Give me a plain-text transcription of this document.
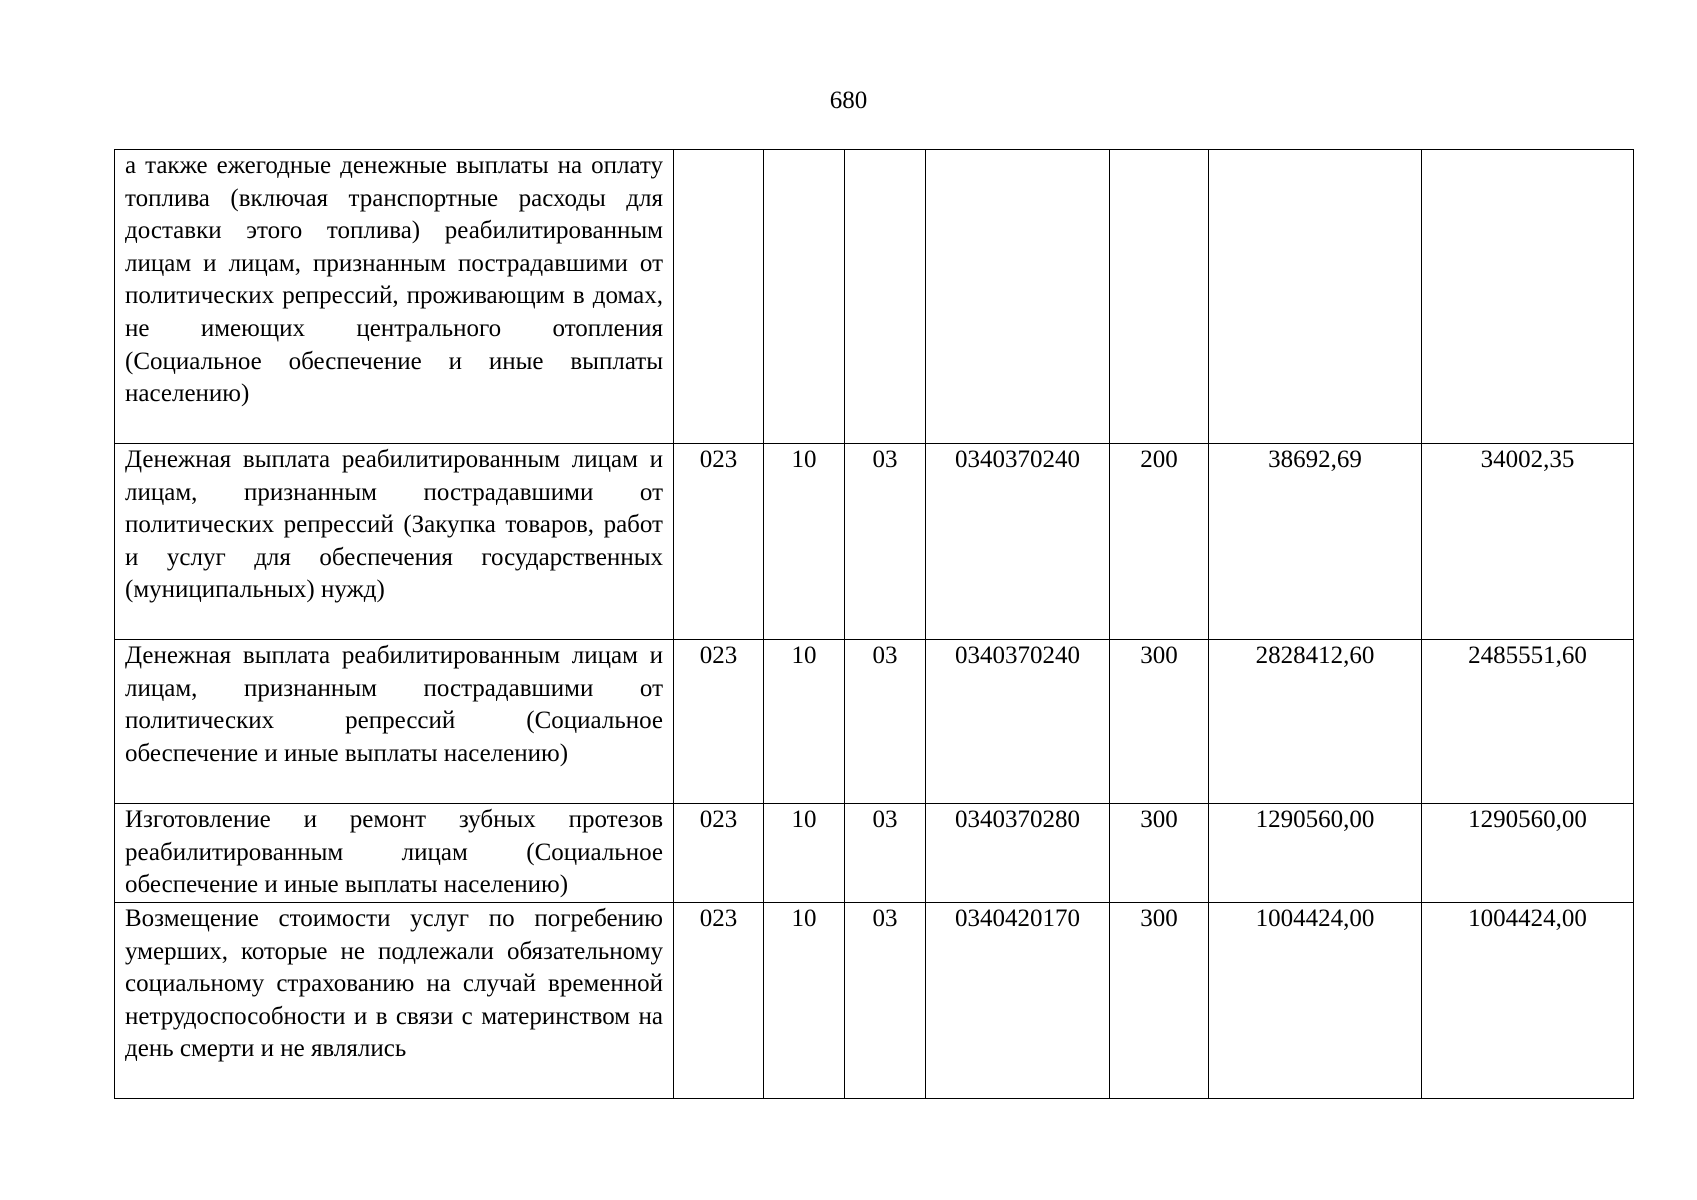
680
а также ежегодные денежные выплаты на оплату топлива (включая транспортные расходы для доставки этого топлива) реабилитированным лицам и лицам, признанным пострадавшими от политических репрессий, проживающим в домах, не имеющих центрального отопления (Социальное обеспечение и иные выплаты населению)							

Денежная выплата реабилитированным лицам и лицам, признанным пострадавшими от политических репрессий (Закупка товаров, работ и услуг для обеспечения государственных (муниципальных) нужд)	023	10	03	0340370240	200	38692,69	34002,35

Денежная выплата реабилитированным лицам и лицам, признанным пострадавшими от политических репрессий (Социальное обеспечение и иные выплаты населению)	023	10	03	0340370240	300	2828412,60	2485551,60

Изготовление и ремонт зубных протезов реабилитированным лицам (Социальное обеспечение и иные выплаты населению)	023	10	03	0340370280	300	1290560,00	1290560,00

Возмещение стоимости услуг по погребению умерших, которые не подлежали обязательному социальному страхованию на случай временной нетрудоспособности и в связи с материнством на день смерти и не являлись	023	10	03	0340420170	300	1004424,00	1004424,00
